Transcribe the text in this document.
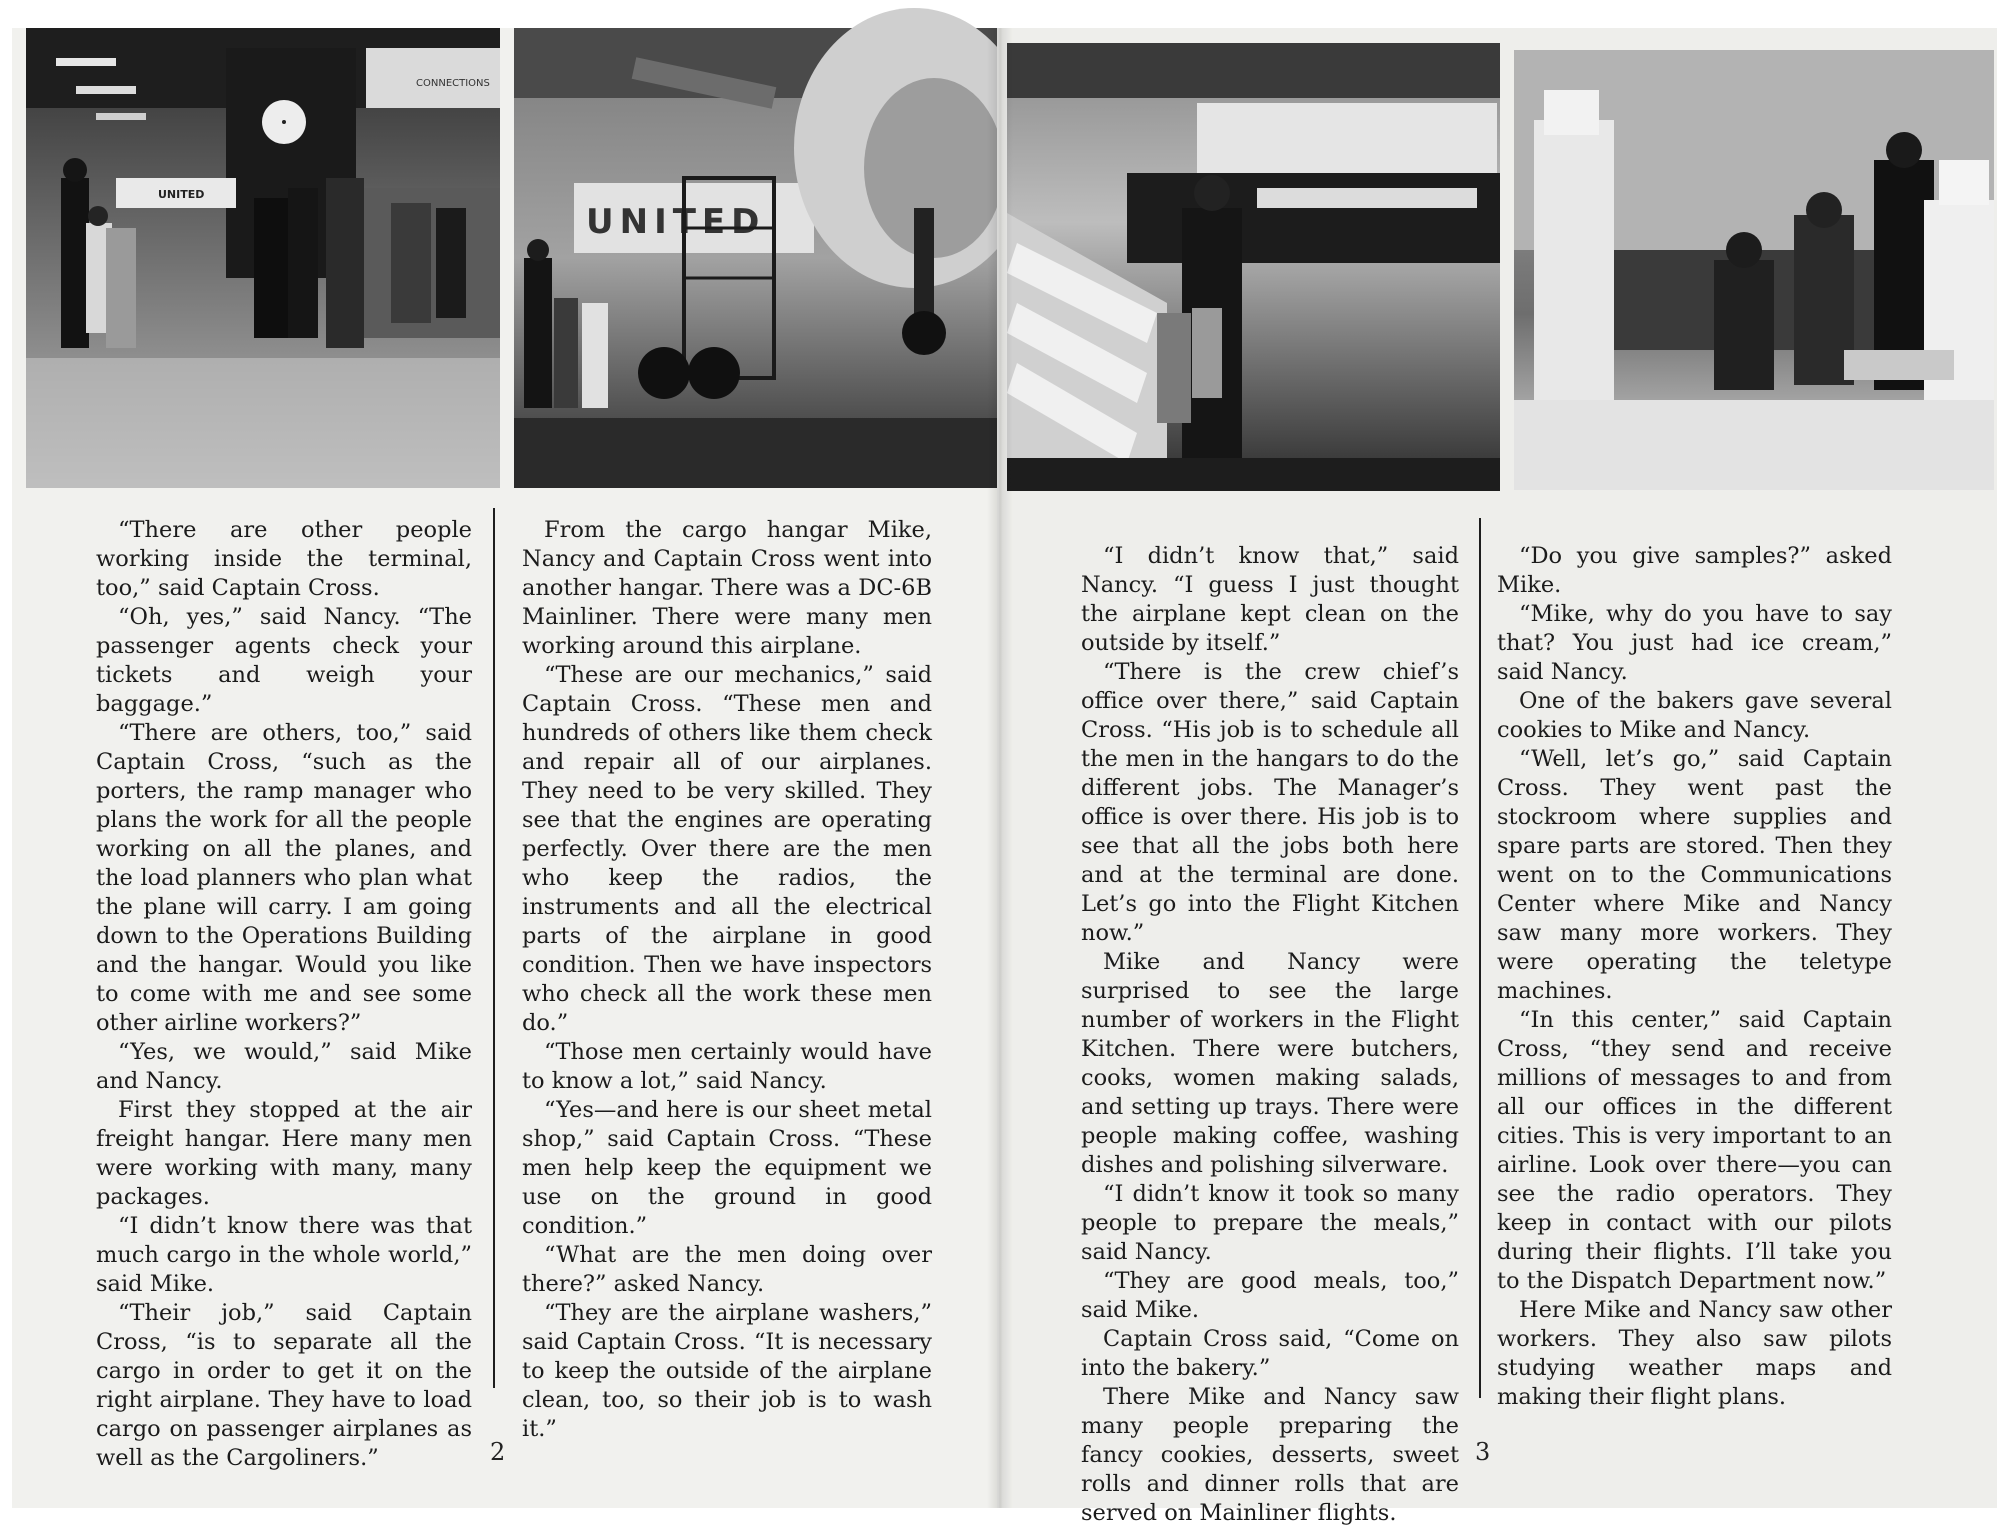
CONNECTIONS
UNITED
UNITED

“There are other people working inside the terminal, too,” said Captain Cross.

“Oh, yes,” said Nancy. “The passenger agents check your tickets and weigh your baggage.”

“There are others, too,” said Captain Cross, “such as the porters, the ramp manager who plans the work for all the people working on all the planes, and the load planners who plan what the plane will carry. I am going down to the Operations Building and the hangar. Would you like to come with me and see some other airline workers?”

“Yes, we would,” said Mike and Nancy.

First they stopped at the air freight hangar. Here many men were working with many, many packages.

“I didn’t know there was that much cargo in the whole world,” said Mike.

“Their job,” said Captain Cross, “is to separate all the cargo in order to get it on the right airplane. They have to load cargo on passenger airplanes as well as the Cargoliners.”

From the cargo hangar Mike, Nancy and Captain Cross went into another hangar. There was a DC-6B Mainliner. There were many men working around this airplane.

“These are our mechanics,” said Captain Cross. “These men and hundreds of others like them check and repair all of our airplanes. They need to be very skilled. They see that the engines are operating perfectly. Over there are the men who keep the radios, the instruments and all the electrical parts of the airplane in good condition. Then we have inspectors who check all the work these men do.”

“Those men certainly would have to know a lot,” said Nancy.

“Yes—and here is our sheet metal shop,” said Captain Cross. “These men help keep the equipment we use on the ground in good condition.”

“What are the men doing over there?” asked Nancy.

“They are the airplane washers,” said Captain Cross. “It is necessary to keep the outside of the airplane clean, too, so their job is to wash it.”

2

“I didn’t know that,” said Nancy. “I guess I just thought the airplane kept clean on the outside by itself.”

“There is the crew chief’s office over there,” said Captain Cross. “His job is to schedule all the men in the hangars to do the different jobs. The Manager’s office is over there. His job is to see that all the jobs both here and at the terminal are done. Let’s go into the Flight Kitchen now.”

Mike and Nancy were surprised to see the large number of workers in the Flight Kitchen. There were butchers, cooks, women making salads, and setting up trays. There were people making coffee, washing dishes and polishing silverware.

“I didn’t know it took so many people to prepare the meals,” said Nancy.

“They are good meals, too,” said Mike.

Captain Cross said, “Come on into the bakery.”

There Mike and Nancy saw many people preparing the fancy cookies, desserts, sweet rolls and dinner rolls that are served on Mainliner flights.

“Do you give samples?” asked Mike.

“Mike, why do you have to say that? You just had ice cream,” said Nancy.

One of the bakers gave several cookies to Mike and Nancy.

“Well, let’s go,” said Captain Cross. They went past the stockroom where supplies and spare parts are stored. Then they went on to the Communications Center where Mike and Nancy saw many more workers. They were operating the teletype machines.

“In this center,” said Captain Cross, “they send and receive millions of messages to and from all our offices in the different cities. This is very important to an airline. Look over there—you can see the radio operators. They keep in contact with our pilots during their flights. I’ll take you to the Dispatch Department now.”

Here Mike and Nancy saw other workers. They also saw pilots studying weather maps and making their flight plans.

3
